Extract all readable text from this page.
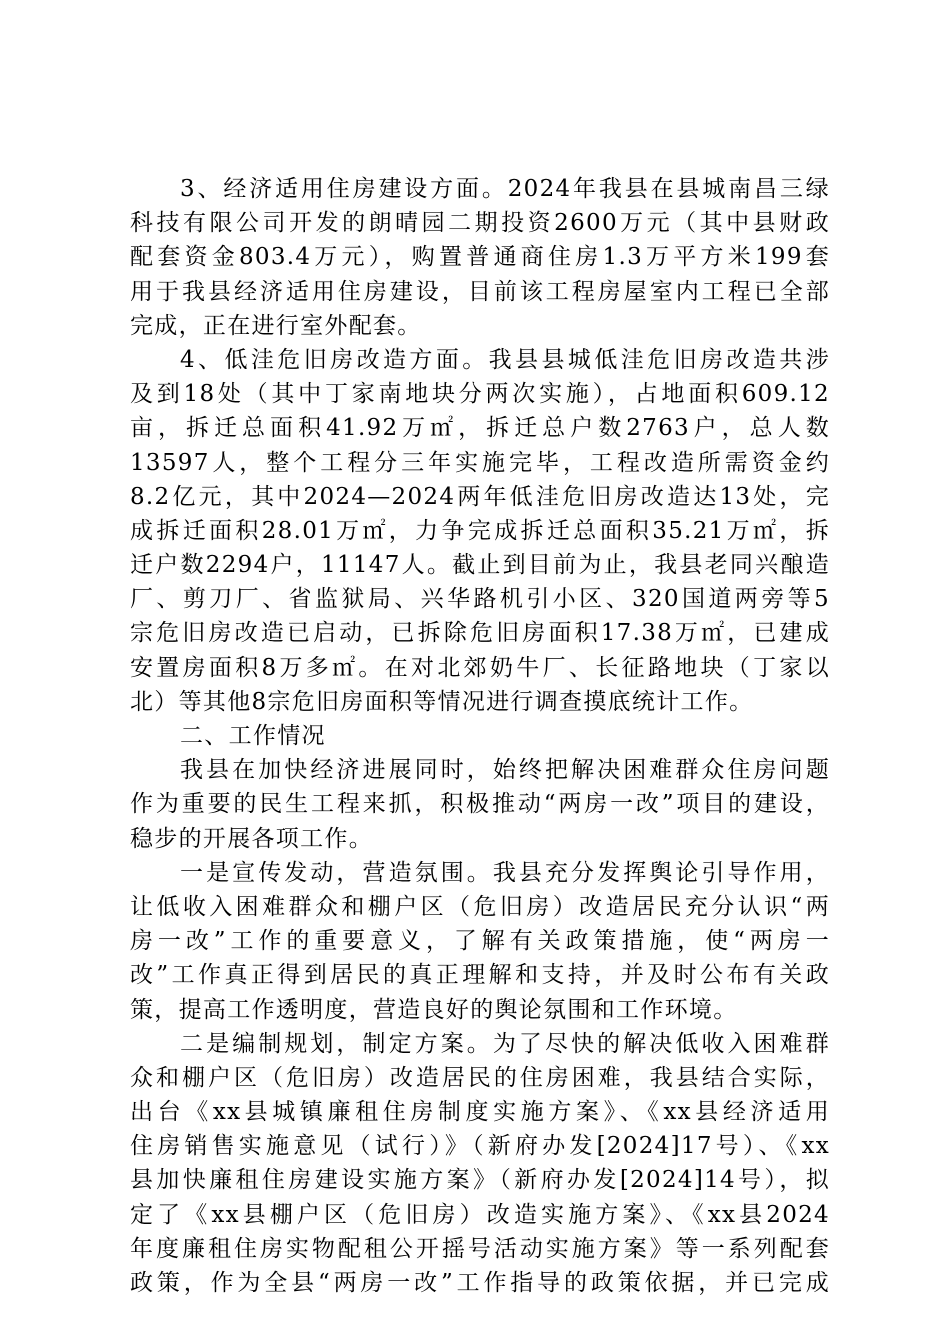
3、经济适用住房建设方面。2024年我县在县城南昌三绿
科技有限公司开发的朗晴园二期投资2600万元（其中县财政
配套资金803.4万元），购置普通商住房1.3万平方米199套
用于我县经济适用住房建设，目前该工程房屋室内工程已全部
完成，正在进行室外配套。
4、低洼危旧房改造方面。我县县城低洼危旧房改造共涉
及到18处（其中丁家南地块分两次实施），占地面积609.12
亩，拆迁总面积41.92万㎡，拆迁总户数2763户，总人数
13597人，整个工程分三年实施完毕，工程改造所需资金约
8.2亿元，其中2024—2024两年低洼危旧房改造达13处，完
成拆迁面积28.01万㎡，力争完成拆迁总面积35.21万㎡，拆
迁户数2294户，11147人。截止到目前为止，我县老同兴酿造
厂、剪刀厂、省监狱局、兴华路机引小区、320国道两旁等5
宗危旧房改造已启动，已拆除危旧房面积17.38万㎡，已建成
安置房面积8万多㎡。在对北郊奶牛厂、长征路地块（丁家以
北）等其他8宗危旧房面积等情况进行调查摸底统计工作。
二、工作情况
我县在加快经济进展同时，始终把解决困难群众住房问题
作为重要的民生工程来抓，积极推动“两房一改”项目的建设，
稳步的开展各项工作。
一是宣传发动，营造氛围。我县充分发挥舆论引导作用，
让低收入困难群众和棚户区（危旧房）改造居民充分认识“两
房一改”工作的重要意义，了解有关政策措施，使“两房一
改”工作真正得到居民的真正理解和支持，并及时公布有关政
策，提高工作透明度，营造良好的舆论氛围和工作环境。
二是编制规划，制定方案。为了尽快的解决低收入困难群
众和棚户区（危旧房）改造居民的住房困难，我县结合实际，
出台《xx县城镇廉租住房制度实施方案》、《xx县经济适用
住房销售实施意见（试行）》（新府办发[2024]17号）、《xx
县加快廉租住房建设实施方案》（新府办发[2024]14号），拟
定了《xx县棚户区（危旧房）改造实施方案》、《xx县2024
年度廉租住房实物配租公开摇号活动实施方案》等一系列配套
政策，作为全县“两房一改”工作指导的政策依据，并已完成
